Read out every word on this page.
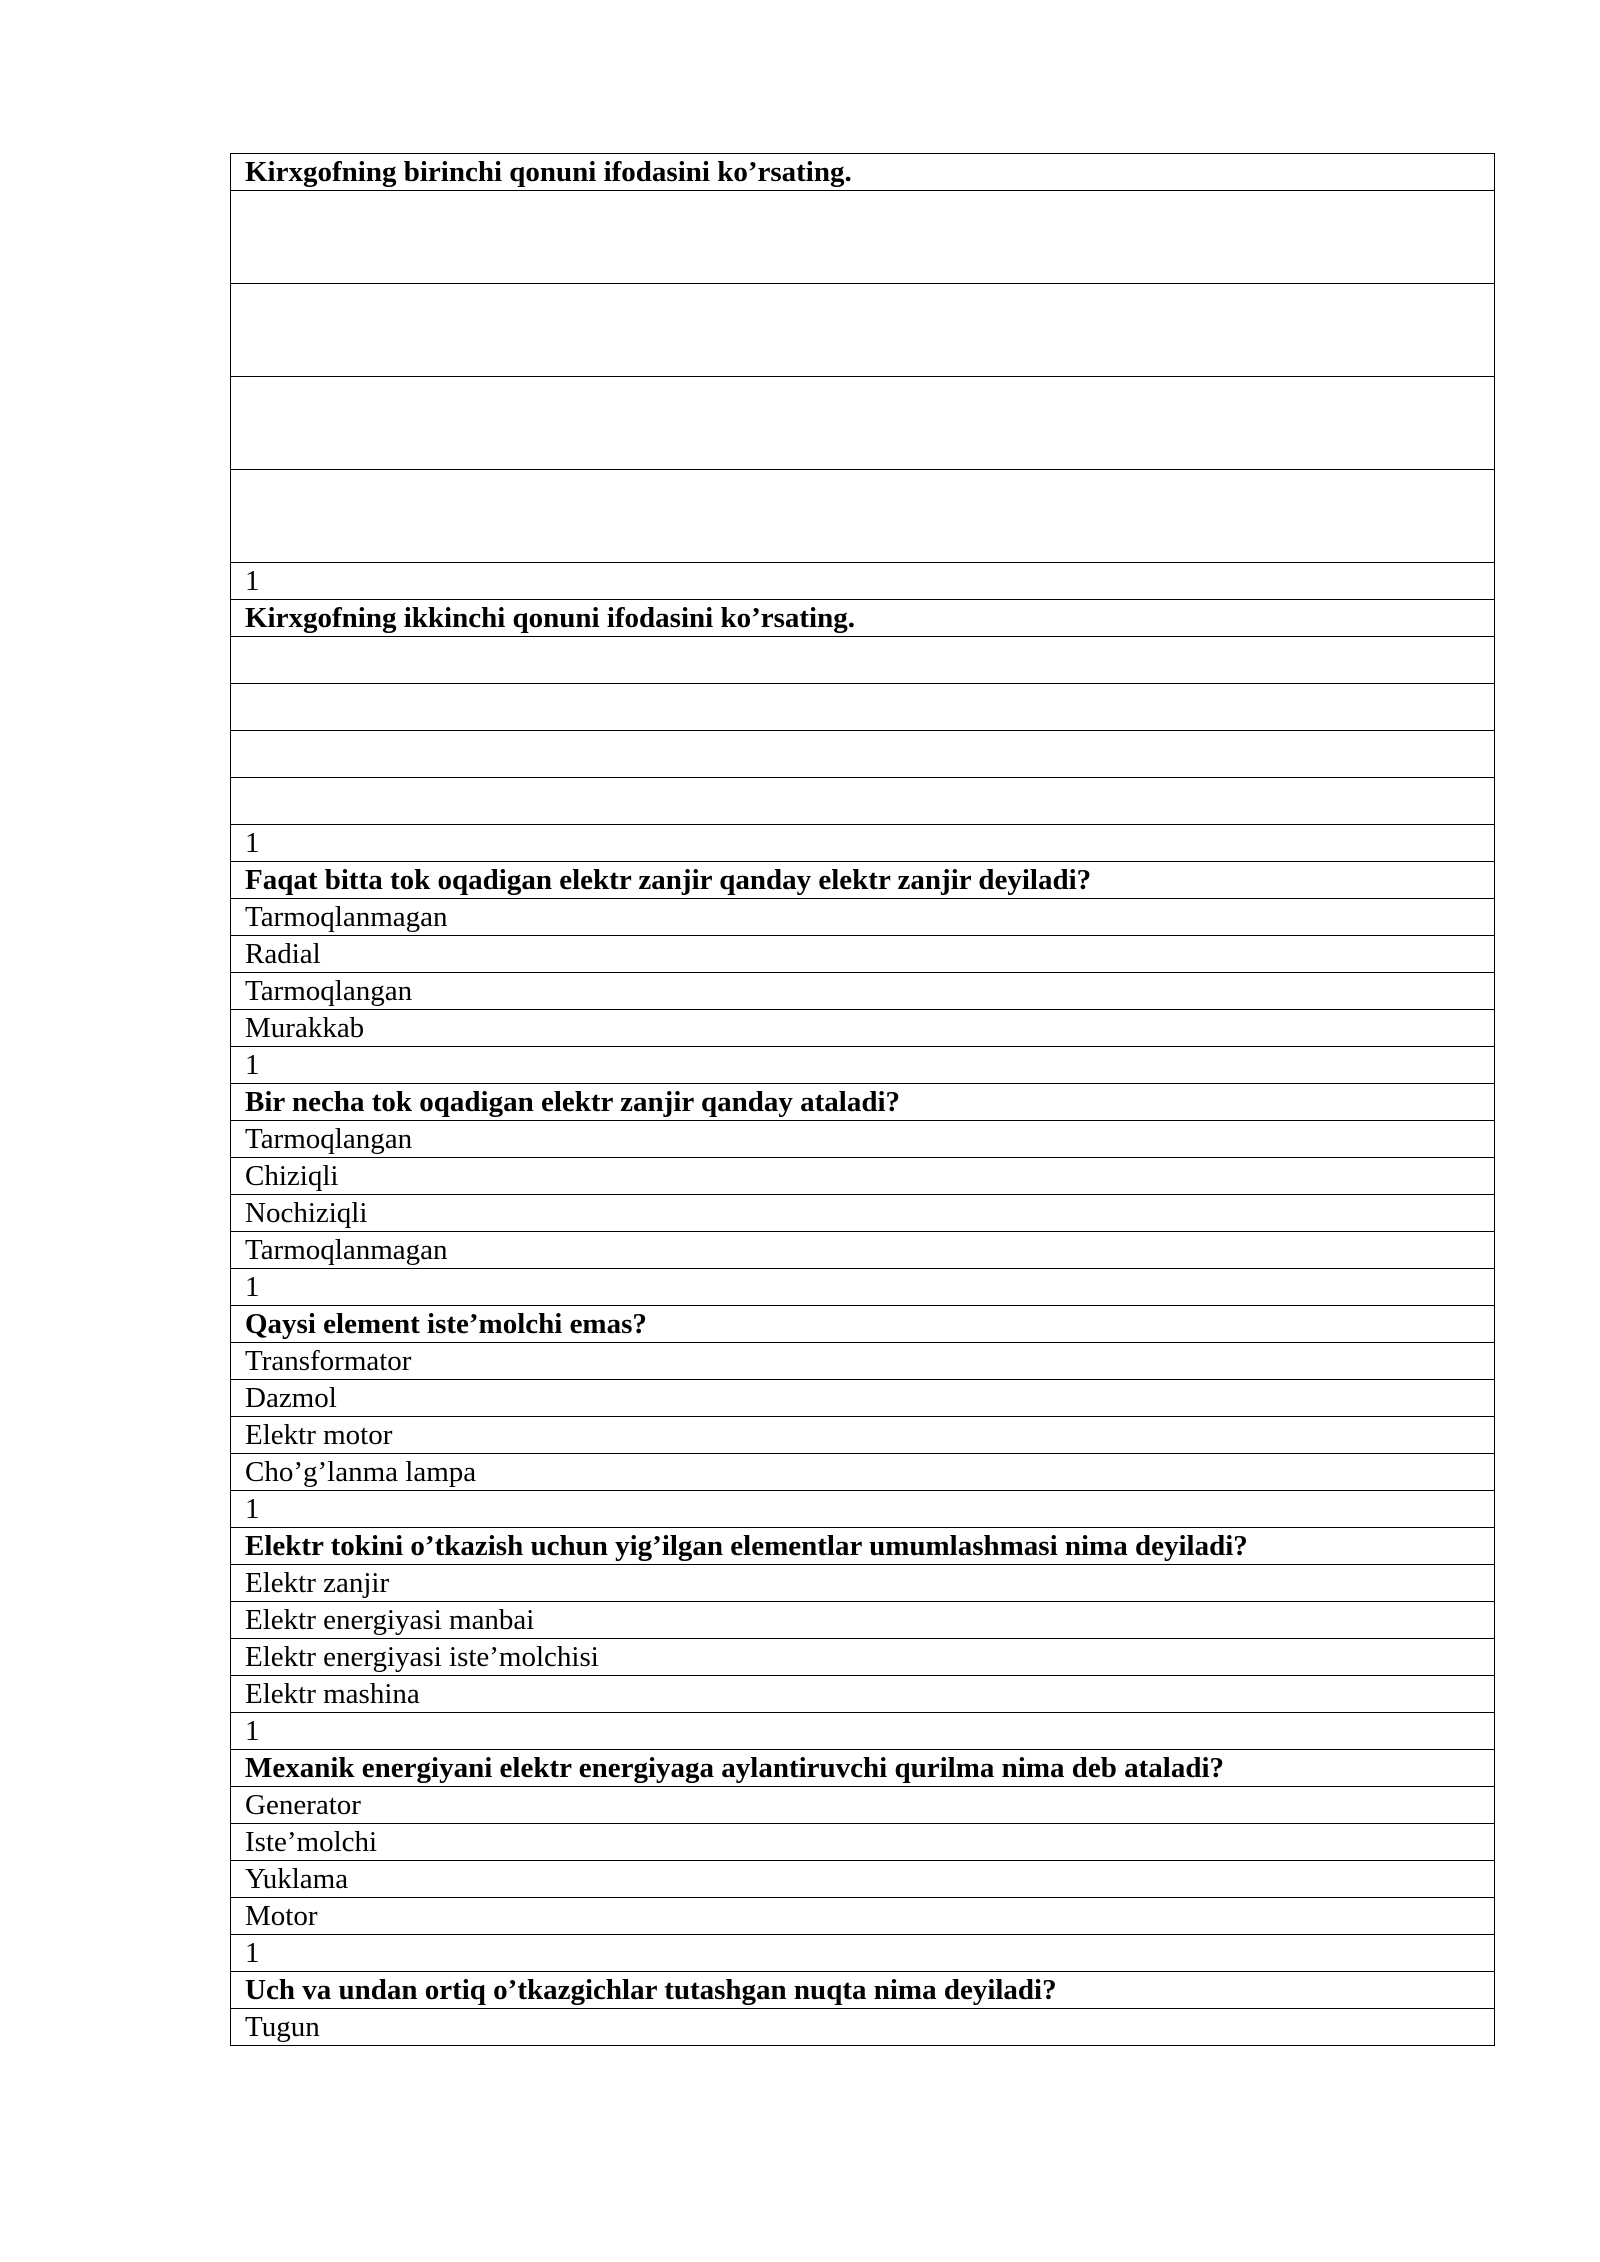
Kirxgofning birinchi qonuni ifodasini ko’rsating.

1
Kirxgofning ikkinchi qonuni ifodasini ko’rsating.

1
Faqat bitta tok oqadigan elektr zanjir qanday elektr zanjir deyiladi?
Tarmoqlanmagan
Radial
Tarmoqlangan
Murakkab
1
Bir necha tok oqadigan elektr zanjir qanday ataladi?
Tarmoqlangan
Chiziqli
Nochiziqli
Tarmoqlanmagan
1
Qaysi element iste’molchi emas?
Transformator
Dazmol
Elektr motor
Cho’g’lanma lampa
1
Elektr tokini o’tkazish uchun yig’ilgan elementlar umumlashmasi nima deyiladi?
Elektr zanjir
Elektr energiyasi manbai
Elektr energiyasi iste’molchisi
Elektr mashina
1
Mexanik energiyani elektr energiyaga aylantiruvchi qurilma nima deb ataladi?
Generator
Iste’molchi
Yuklama
Motor
1
Uch va undan ortiq o’tkazgichlar tutashgan nuqta nima deyiladi?
Tugun
